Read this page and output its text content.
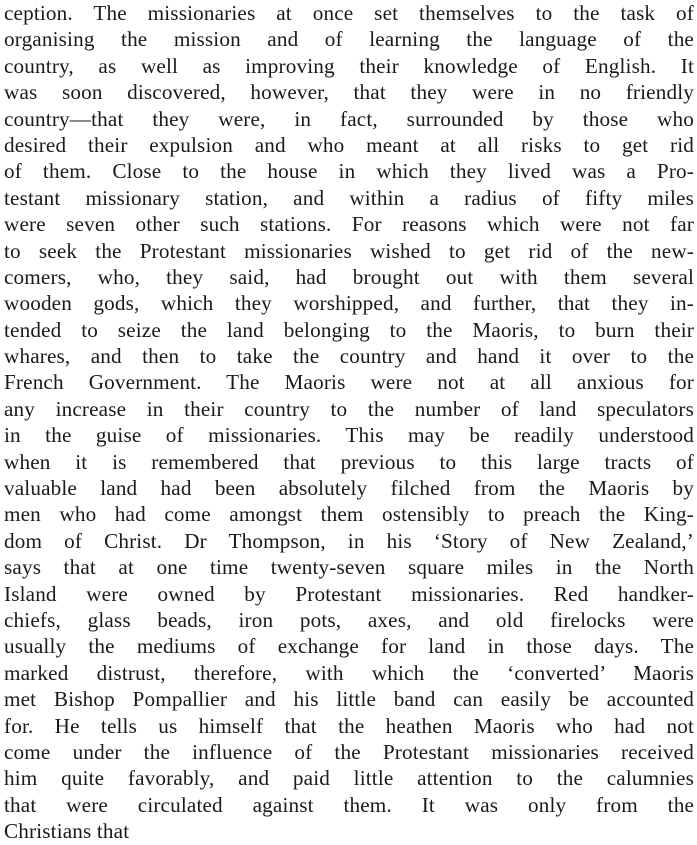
ception. The missionaries at once set themselves to the task of
organising the mission and of learning the language of the
country, as well as improving their knowledge of English. It
was soon discovered, however, that they were in no friendly
country—that they were, in fact, surrounded by those who
desired their expulsion and who meant at all risks to get rid
of them. Close to the house in which they lived was a Pro-
testant missionary station, and within a radius of fifty miles
were seven other such stations. For reasons which were not far
to seek the Protestant missionaries wished to get rid of the new-
comers, who, they said, had brought out with them several
wooden gods, which they worshipped, and further, that they in-
tended to seize the land belonging to the Maoris, to burn their
whares, and then to take the country and hand it over to the
French Government. The Maoris were not at all anxious for
any increase in their country to the number of land speculators
in the guise of missionaries. This may be readily understood
when it is remembered that previous to this large tracts of
valuable land had been absolutely filched from the Maoris by
men who had come amongst them ostensibly to preach the King-
dom of Christ. Dr Thompson, in his ‘Story of New Zealand,’
says that at one time twenty-seven square miles in the North
Island were owned by Protestant missionaries. Red handker-
chiefs, glass beads, iron pots, axes, and old firelocks were
usually the mediums of exchange for land in those days. The
marked distrust, therefore, with which the ‘converted’ Maoris
met Bishop Pompallier and his little band can easily be accounted
for. He tells us himself that the heathen Maoris who had not
come under the influence of the Protestant missionaries received
him quite favorably, and paid little attention to the calumnies
that were circulated against them. It was only from the
Christians that
